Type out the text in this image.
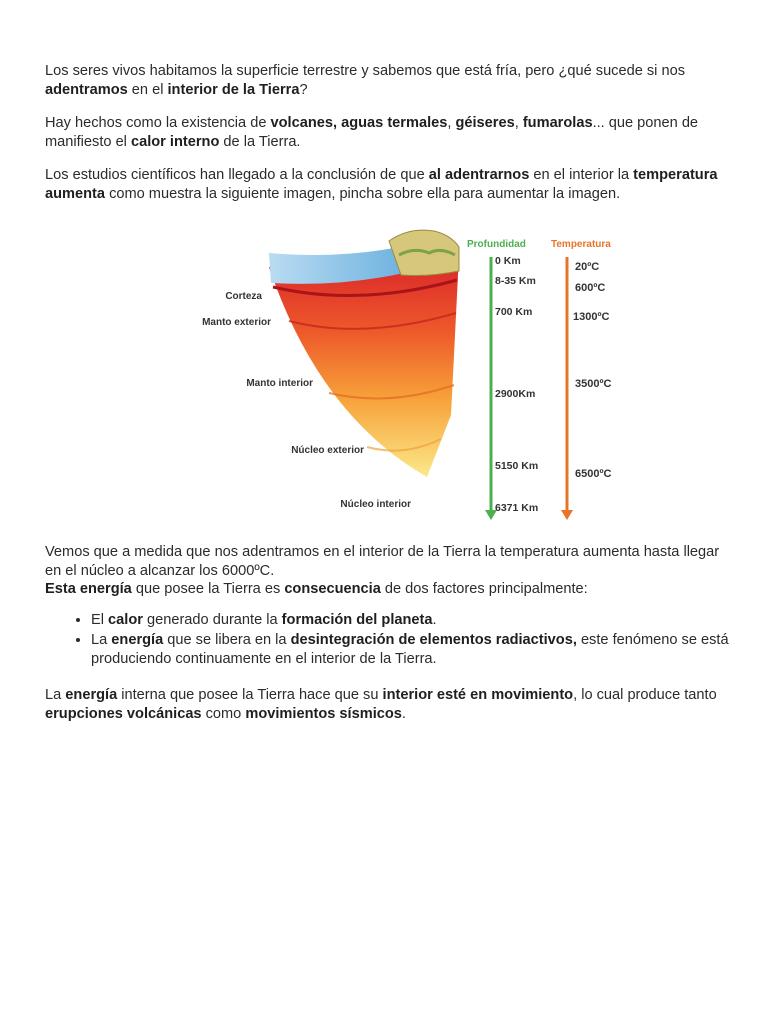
Los seres vivos habitamos la superficie terrestre y sabemos que está fría, pero ¿qué sucede si nos adentramos en el interior de la Tierra?

Hay hechos como la existencia de volcanes, aguas termales, géiseres, fumarolas... que ponen de manifiesto el calor interno de la Tierra.

Los estudios científicos han llegado a la conclusión de que al adentrarnos en el interior la temperatura aumenta como muestra la siguiente imagen, pincha sobre ella para aumentar la imagen.

Corteza
Manto exterior
Manto interior
Núcleo exterior
Núcleo interior
Profundidad	Temperatura
0 Km
8-35 Km
700 Km
2900Km
5150 Km
6371 Km
20ºC
600ºC
1300ºC
3500ºC
6500ºC

Vemos que a medida que nos adentramos en el interior de la Tierra la temperatura aumenta hasta llegar en el núcleo a alcanzar los 6000ºC.
Esta energía que posee la Tierra es consecuencia de dos factores principalmente:

• El calor generado durante la formación del planeta.
• La energía que se libera en la desintegración de elementos radiactivos, este fenómeno se está produciendo continuamente en el interior de la Tierra.

La energía interna que posee la Tierra hace que su interior esté en movimiento, lo cual produce tanto erupciones volcánicas como movimientos sísmicos.
